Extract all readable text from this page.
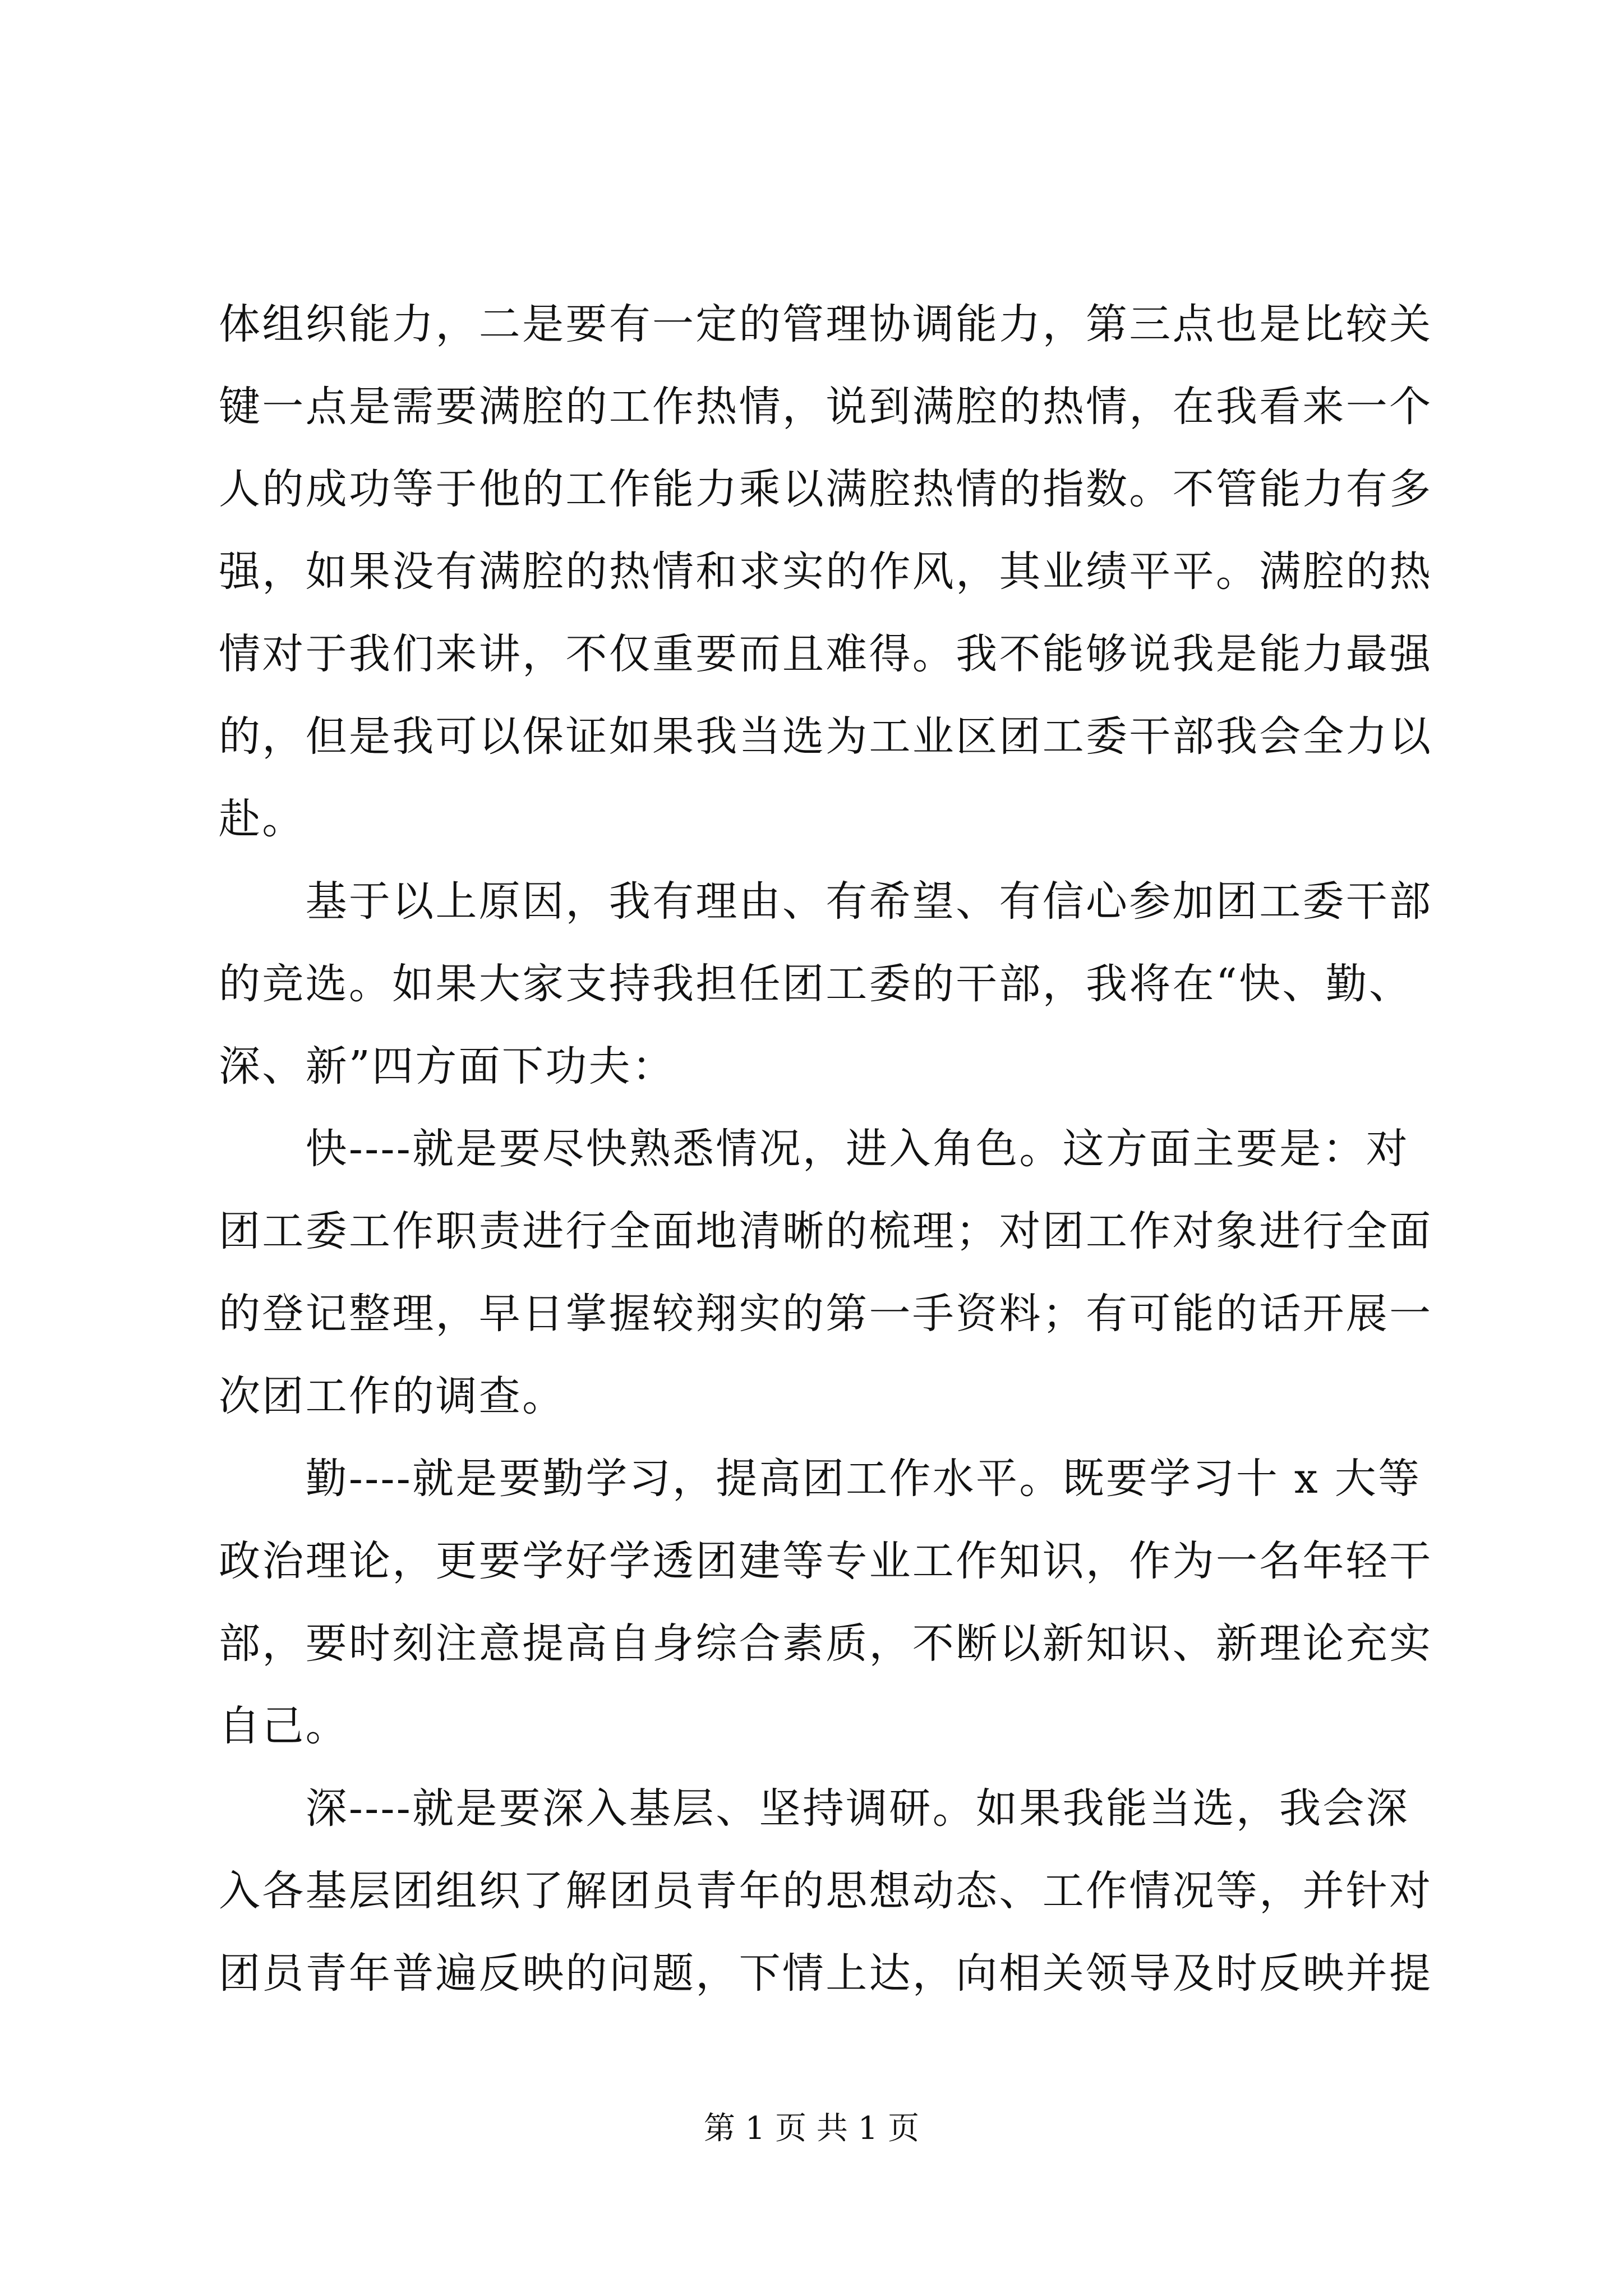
体组织能力，二是要有一定的管理协调能力，第三点也是比较关
键一点是需要满腔的工作热情，说到满腔的热情，在我看来一个
人的成功等于他的工作能力乘以满腔热情的指数。不管能力有多
强，如果没有满腔的热情和求实的作风，其业绩平平。满腔的热
情对于我们来讲，不仅重要而且难得。我不能够说我是能力最强
的，但是我可以保证如果我当选为工业区团工委干部我会全力以
赴。
　　基于以上原因，我有理由、有希望、有信心参加团工委干部
的竞选。如果大家支持我担任团工委的干部，我将在“快、勤、
深、新”四方面下功夫：
　　快----就是要尽快熟悉情况，进入角色。这方面主要是：对
团工委工作职责进行全面地清晰的梳理；对团工作对象进行全面
的登记整理，早日掌握较翔实的第一手资料；有可能的话开展一
次团工作的调查。
　　勤----就是要勤学习，提高团工作水平。既要学习十 x 大等
政治理论，更要学好学透团建等专业工作知识，作为一名年轻干
部，要时刻注意提高自身综合素质，不断以新知识、新理论充实
自己。
　　深----就是要深入基层、坚持调研。如果我能当选，我会深
入各基层团组织了解团员青年的思想动态、工作情况等，并针对
团员青年普遍反映的问题，下情上达，向相关领导及时反映并提
第 1 页 共 1 页
